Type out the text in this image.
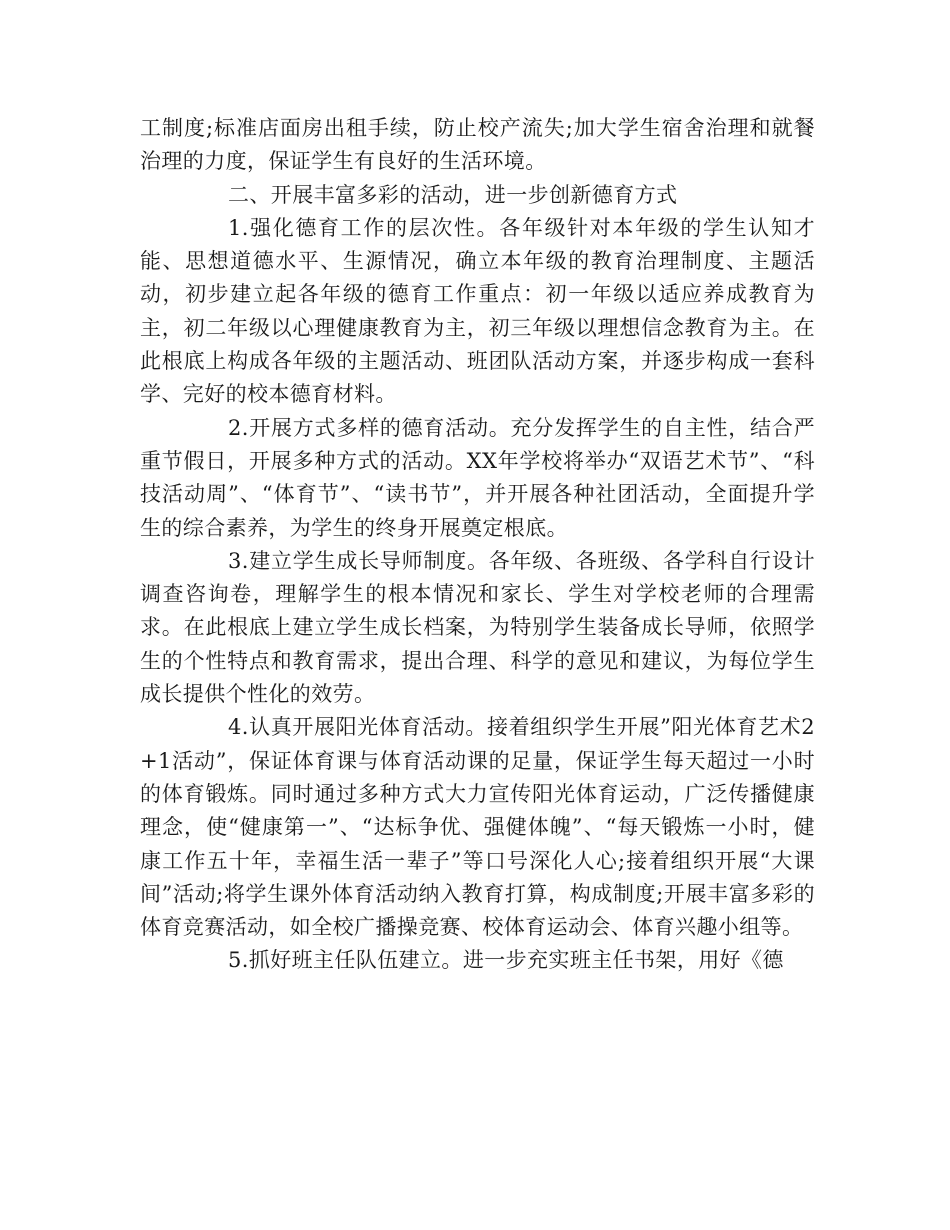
工制度;标准店面房出租手续，防止校产流失;加大学生宿舍治理和就餐治理的力度，保证学生有良好的生活环境。

二、开展丰富多彩的活动，进一步创新德育方式

1.强化德育工作的层次性。各年级针对本年级的学生认知才能、思想道德水平、生源情况，确立本年级的教育治理制度、主题活动，初步建立起各年级的德育工作重点：初一年级以适应养成教育为主，初二年级以心理健康教育为主，初三年级以理想信念教育为主。在此根底上构成各年级的主题活动、班团队活动方案，并逐步构成一套科学、完好的校本德育材料。

2.开展方式多样的德育活动。充分发挥学生的自主性，结合严重节假日，开展多种方式的活动。XX年学校将举办“双语艺术节”、“科技活动周”、“体育节”、“读书节”，并开展各种社团活动，全面提升学生的综合素养，为学生的终身开展奠定根底。

3.建立学生成长导师制度。各年级、各班级、各学科自行设计调查咨询卷，理解学生的根本情况和家长、学生对学校老师的合理需求。在此根底上建立学生成长档案，为特别学生装备成长导师，依照学生的个性特点和教育需求，提出合理、科学的意见和建议，为每位学生成长提供个性化的效劳。

4.认真开展阳光体育活动。接着组织学生开展”阳光体育艺术2+1活动”，保证体育课与体育活动课的足量，保证学生每天超过一小时的体育锻炼。同时通过多种方式大力宣传阳光体育运动，广泛传播健康理念，使“健康第一”、“达标争优、强健体魄”、“每天锻炼一小时，健康工作五十年，幸福生活一辈子”等口号深化人心;接着组织开展“大课间”活动;将学生课外体育活动纳入教育打算，构成制度;开展丰富多彩的体育竞赛活动，如全校广播操竞赛、校体育运动会、体育兴趣小组等。

5.抓好班主任队伍建立。进一步充实班主任书架，用好《德
